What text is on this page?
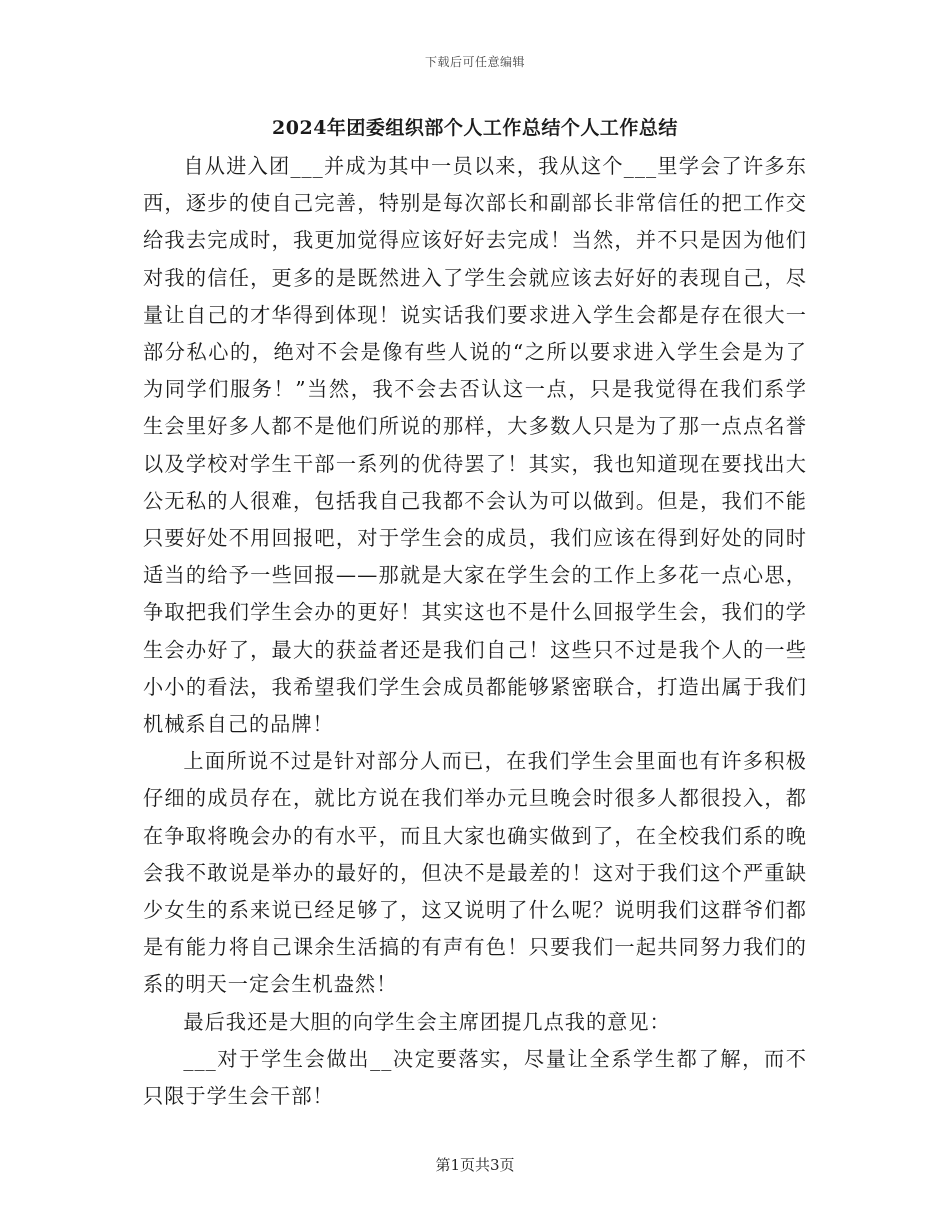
下载后可任意编辑
2024年团委组织部个人工作总结个人工作总结

自从进入团___并成为其中一员以来，我从这个___里学会了许多东西，逐步的使自己完善，特别是每次部长和副部长非常信任的把工作交给我去完成时，我更加觉得应该好好去完成！当然，并不只是因为他们对我的信任，更多的是既然进入了学生会就应该去好好的表现自己，尽量让自己的才华得到体现！说实话我们要求进入学生会都是存在很大一部分私心的，绝对不会是像有些人说的“之所以要求进入学生会是为了为同学们服务！”当然，我不会去否认这一点，只是我觉得在我们系学生会里好多人都不是他们所说的那样，大多数人只是为了那一点点名誉以及学校对学生干部一系列的优待罢了！其实，我也知道现在要找出大公无私的人很难，包括我自己我都不会认为可以做到。但是，我们不能只要好处不用回报吧，对于学生会的成员，我们应该在得到好处的同时适当的给予一些回报——那就是大家在学生会的工作上多花一点心思，争取把我们学生会办的更好！其实这也不是什么回报学生会，我们的学生会办好了，最大的获益者还是我们自己！这些只不过是我个人的一些小小的看法，我希望我们学生会成员都能够紧密联合，打造出属于我们机械系自己的品牌！

上面所说不过是针对部分人而已，在我们学生会里面也有许多积极仔细的成员存在，就比方说在我们举办元旦晚会时很多人都很投入，都在争取将晚会办的有水平，而且大家也确实做到了，在全校我们系的晚会我不敢说是举办的最好的，但决不是最差的！这对于我们这个严重缺少女生的系来说已经足够了，这又说明了什么呢？说明我们这群爷们都是有能力将自己课余生活搞的有声有色！只要我们一起共同努力我们的系的明天一定会生机盎然！

最后我还是大胆的向学生会主席团提几点我的意见：

___对于学生会做出__决定要落实，尽量让全系学生都了解，而不只限于学生会干部！

第1页共3页
